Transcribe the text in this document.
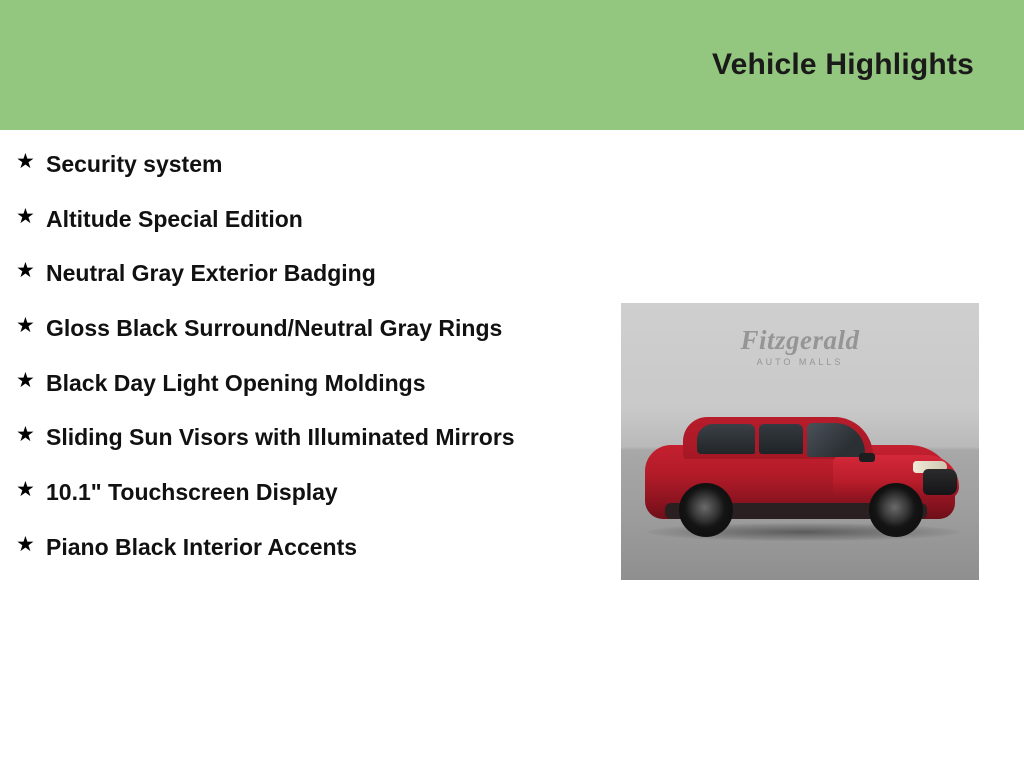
Vehicle Highlights
★ Security system
★ Altitude Special Edition
★ Neutral Gray Exterior Badging
★ Gloss Black Surround/Neutral Gray Rings
★ Black Day Light Opening Moldings
★ Sliding Sun Visors with Illuminated Mirrors
★ 10.1" Touchscreen Display
★ Piano Black Interior Accents
Fitzgerald
AUTO MALLS
